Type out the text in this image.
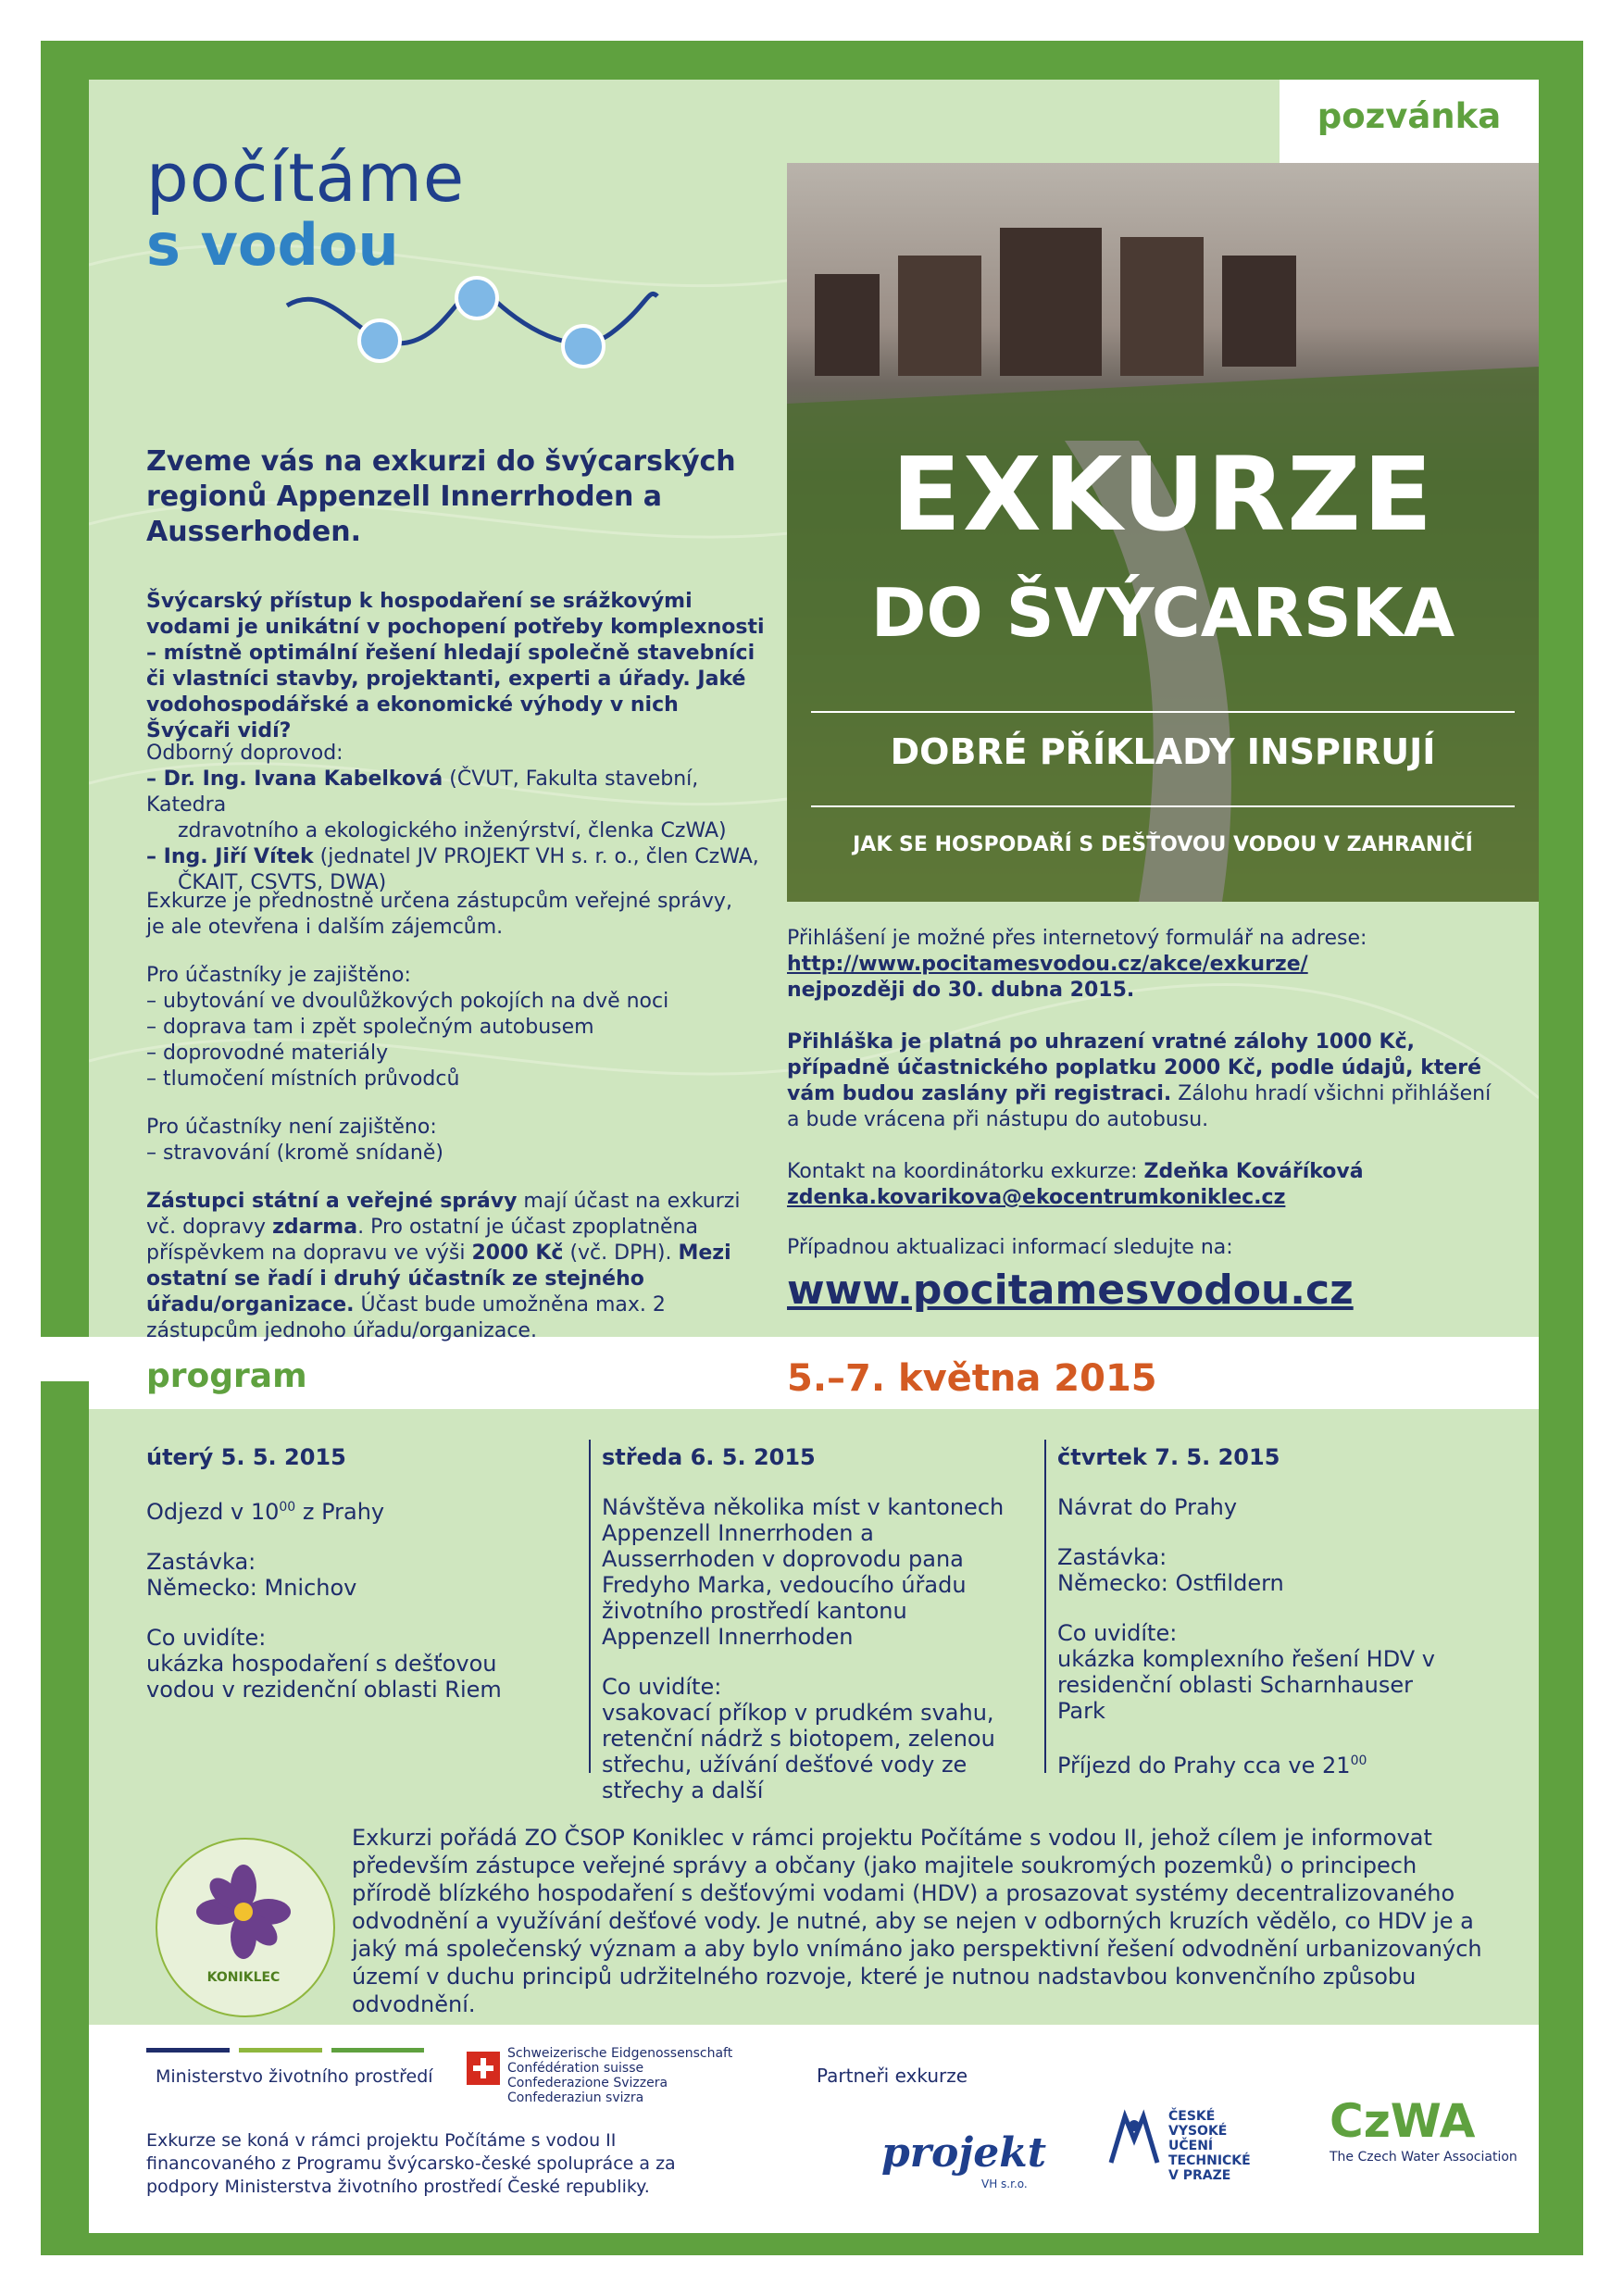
pozvánka
počítáme
s vodou
Zveme vás na exkurzi do švýcarských regionů Appenzell Innerrhoden a Ausserhoden.
Švýcarský přístup k hospodaření se srážkovými vodami je unikátní v pochopení potřeby komplexnosti – místně optimální řešení hledají společně stavebníci či vlastníci stavby, projektanti, experti a úřady. Jaké vodohospodářské a ekonomické výhody v nich Švýcaři vidí?
Odborný doprovod:
– Dr. Ing. Ivana Kabelková (ČVUT, Fakulta stavební, Katedra
zdravotního a ekologického inženýrství, členka CzWA)
– Ing. Jiří Vítek (jednatel JV PROJEKT VH s. r. o., člen CzWA,
ČKAIT, CSVTS, DWA)
Exkurze je přednostně určena zástupcům veřejné správy, je ale otevřena i dalším zájemcům.
Pro účastníky je zajištěno:
– ubytování ve dvoulůžkových pokojích na dvě noci
– doprava tam i zpět společným autobusem
– doprovodné materiály
– tlumočení místních průvodců
Pro účastníky není zajištěno:
– stravování (kromě snídaně)
Zástupci státní a veřejné správy mají účast na exkurzi vč. dopravy zdarma. Pro ostatní je účast zpoplatněna příspěvkem na dopravu ve výši 2000 Kč (vč. DPH). Mezi ostatní se řadí i druhý účastník ze stejného úřadu/organizace. Účast bude umožněna max. 2 zástupcům jednoho úřadu/organizace.
EXKURZE
DO ŠVÝCARSKA
DOBRÉ PŘÍKLADY INSPIRUJÍ
JAK SE HOSPODAŘÍ S DEŠŤOVOU VODOU V ZAHRANIČÍ
Přihlášení je možné přes internetový formulář na adrese:
http://www.pocitamesvodou.cz/akce/exkurze/
nejpozději do 30. dubna 2015.
Přihláška je platná po uhrazení vratné zálohy 1000 Kč, případně účastnického poplatku 2000 Kč, podle údajů, které vám budou zaslány při registraci. Zálohu hradí všichni přihlášení a bude vrácena při nástupu do autobusu.
Kontakt na koordinátorku exkurze: Zdeňka Kováříková
zdenka.kovarikova@ekocentrumkoniklec.cz
Případnou aktualizaci informací sledujte na:
www.pocitamesvodou.cz
program	5.–7. května 2015
úterý 5. 5. 2015
Odjezd v $10^{00}$ z Prahy
Zastávka:
Německo: Mnichov
Co uvidíte:
ukázka hospodaření s dešťovou vodou v rezidenční oblasti Riem
středa 6. 5. 2015
Návštěva několika míst v kantonech Appenzell Innerrhoden a Ausserrhoden v doprovodu pana Fredyho Marka, vedoucího úřadu životního prostředí kantonu Appenzell Innerrhoden
Co uvidíte:
vsakovací příkop v prudkém svahu, retenční nádrž s biotopem, zelenou střechu, užívání dešťové vody ze střechy a další
čtvrtek 7. 5. 2015
Návrat do Prahy
Zastávka:
Německo: Ostfildern
Co uvidíte:
ukázka komplexního řešení HDV v residenční oblasti Scharnhauser Park
Příjezd do Prahy cca ve $21^{00}$
KONIKLEC
Exkurzi pořádá ZO ČSOP Koniklec v rámci projektu Počítáme s vodou II, jehož cílem je informovat především zástupce veřejné správy a občany (jako majitele soukromých pozemků) o principech přírodě blízkého hospodaření s dešťovými vodami (HDV) a prosazovat systémy decentralizovaného odvodnění a využívání dešťové vody. Je nutné, aby se nejen v odborných kruzích vědělo, co HDV je a jaký má společenský význam a aby bylo vnímáno jako perspektivní řešení odvodnění urbanizovaných území v duchu principů udržitelného rozvoje, které je nutnou nadstavbou konvenčního způsobu odvodnění.
Ministerstvo životního prostředí
Schweizerische Eidgenossenschaft
Confédération suisse
Confederazione Svizzera
Confederaziun svizra
Partneři exkurze
Exkurze se koná v rámci projektu Počítáme s vodou II financovaného z Programu švýcarsko-české spolupráce a za podpory Ministerstva životního prostředí České republiky.
projekt
VH s.r.o.
ČESKÉ
VYSOKÉ
UČENÍ
TECHNICKÉ
V PRAZE
CzWA
The Czech Water Association
